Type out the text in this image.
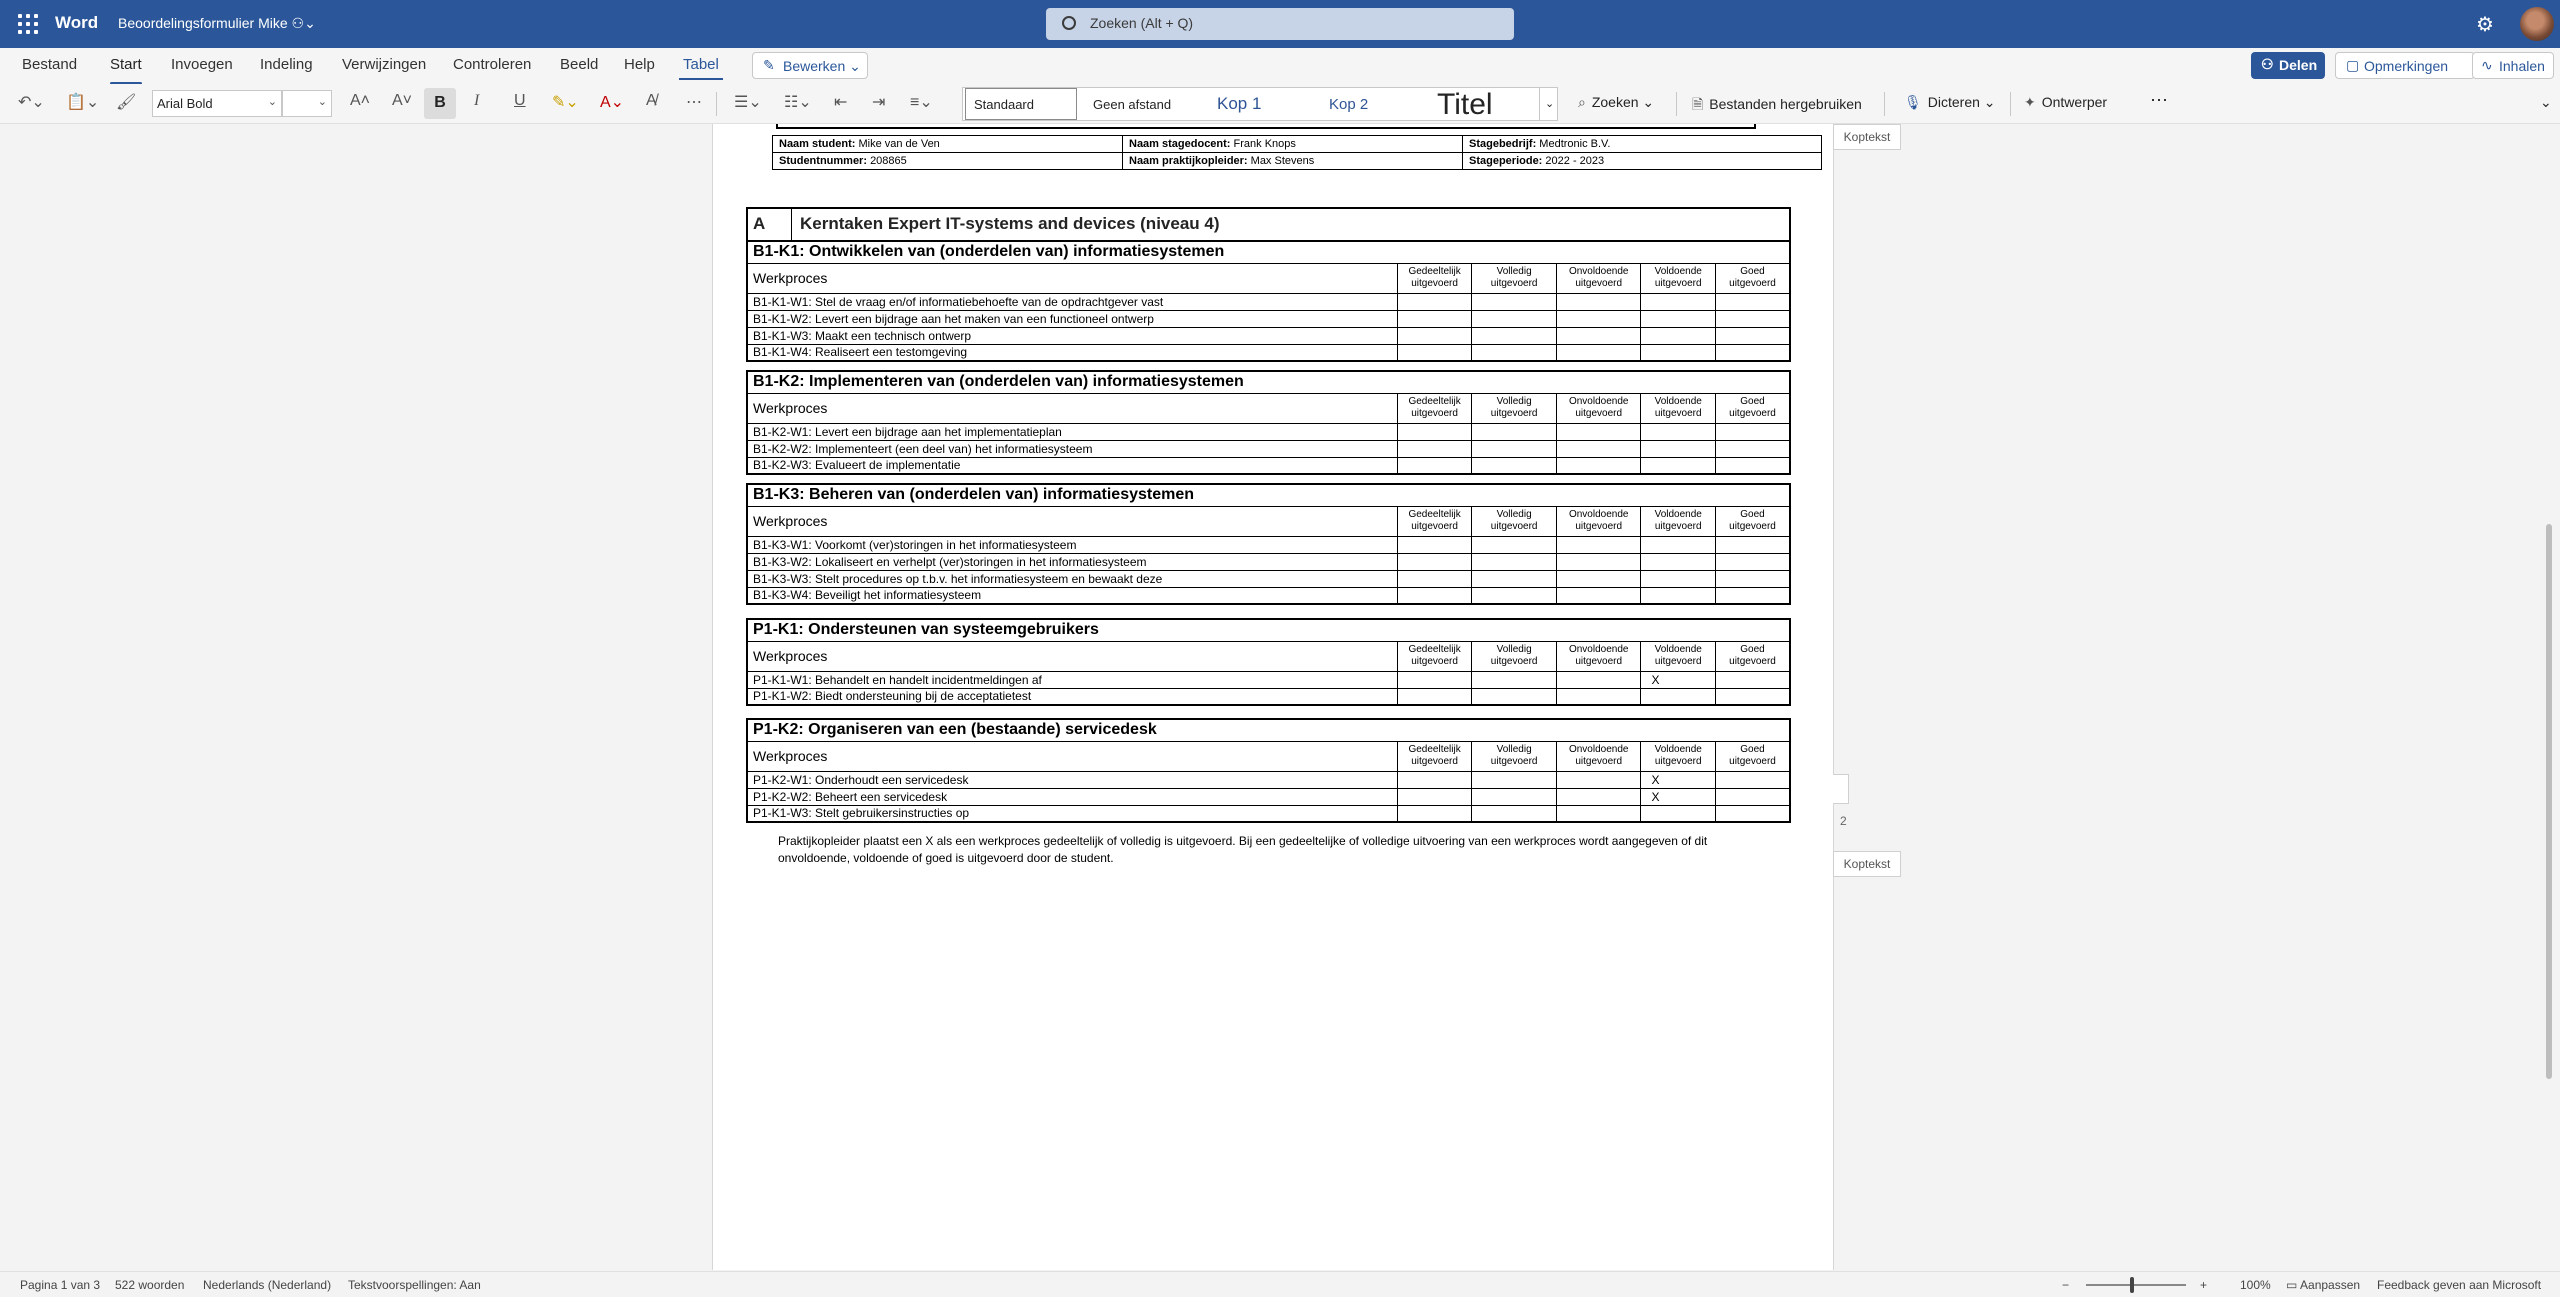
Word Beoordelingsformulier Mike ⚇⌄	Zoeken (Alt + Q)	⚙
Bestand Start Invoegen Indeling Verwijzingen Controleren Beeld Help Tabel	✎ Bewerken ⌄	⚇ Delen	▢ Opmerkingen	∿ Inhalen
↶⌄ 📋⌄ 🖌	Arial Bold	⌄	⌄ A˄ A˅	B	I U ✎⌄ A⌄ A̸ ⋯ ☰⌄ ☷⌄ ⇤ ⇥ ≡⌄	Standaard	Geen afstand	Kop 1	Kop 2	Titel	⌄ ⌕ Zoeken ⌄	🗎 Bestanden hergebruiken	🎙 Dicteren ⌄ ✦ Ontwerper ⋯	⌄
Naam student: Mike van de Ven	Naam stagedocent: Frank Knops	Stagebedrijf: Medtronic B.V.
Studentnummer: 208865	Naam praktijkopleider: Max Stevens	Stageperiode: 2022 - 2023
A	Kerntaken Expert IT-systems and devices (niveau 4)
B1-K1: Ontwikkelen van (onderdelen van) informatiesystemen					
Werkproces	Gedeeltelijk uitgevoerd	Volledig uitgevoerd	Onvoldoende uitgevoerd	Voldoende uitgevoerd	Goed uitgevoerd
B1-K1-W1: Stel de vraag en/of informatiebehoefte van de opdrachtgever vast					
B1-K1-W2: Levert een bijdrage aan het maken van een functioneel ontwerp					
B1-K1-W3: Maakt een technisch ontwerp					
B1-K1-W4: Realiseert een testomgeving					
B1-K2: Implementeren van (onderdelen van) informatiesystemen					
Werkproces	Gedeeltelijk uitgevoerd	Volledig uitgevoerd	Onvoldoende uitgevoerd	Voldoende uitgevoerd	Goed uitgevoerd
B1-K2-W1: Levert een bijdrage aan het implementatieplan					
B1-K2-W2: Implementeert (een deel van) het informatiesysteem					
B1-K2-W3: Evalueert de implementatie					
B1-K3: Beheren van (onderdelen van) informatiesystemen					
Werkproces	Gedeeltelijk uitgevoerd	Volledig uitgevoerd	Onvoldoende uitgevoerd	Voldoende uitgevoerd	Goed uitgevoerd
B1-K3-W1: Voorkomt (ver)storingen in het informatiesysteem					
B1-K3-W2: Lokaliseert en verhelpt (ver)storingen in het informatiesysteem					
B1-K3-W3: Stelt procedures op t.b.v. het informatiesysteem en bewaakt deze					
B1-K3-W4: Beveiligt het informatiesysteem					
P1-K1: Ondersteunen van systeemgebruikers					
Werkproces	Gedeeltelijk uitgevoerd	Volledig uitgevoerd	Onvoldoende uitgevoerd	Voldoende uitgevoerd	Goed uitgevoerd
P1-K1-W1: Behandelt en handelt incidentmeldingen af				X	
P1-K1-W2: Biedt ondersteuning bij de acceptatietest					
P1-K2: Organiseren van een (bestaande) servicedesk					
Werkproces	Gedeeltelijk uitgevoerd	Volledig uitgevoerd	Onvoldoende uitgevoerd	Voldoende uitgevoerd	Goed uitgevoerd
P1-K2-W1: Onderhoudt een servicedesk				X	
P1-K2-W2: Beheert een servicedesk				X	
P1-K1-W3: Stelt gebruikersinstructies op					
Praktijkopleider plaatst een X als een werkproces gedeeltelijk of volledig is uitgevoerd. Bij een gedeeltelijke of volledige uitvoering van een werkproces wordt aangegeven of dit onvoldoende, voldoende of goed is uitgevoerd door de student.
Koptekst
2
Koptekst
Pagina 1 van 3 522 woorden Nederlands (Nederland) Tekstvoorspellingen: Aan	−	+	100% ▭ Aanpassen Feedback geven aan Microsoft
